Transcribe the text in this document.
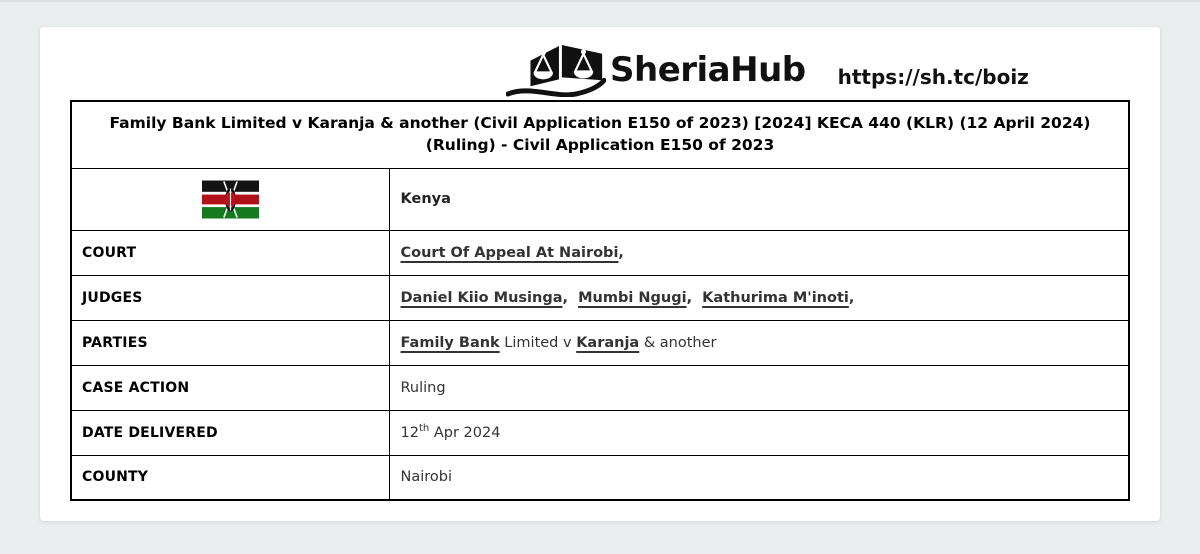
SheriaHub https://sh.tc/boiz
Family Bank Limited v Karanja & another (Civil Application E150 of 2023) [2024] KECA 440 (KLR) (12 April 2024)
(Ruling) - Civil Application E150 of 2023	

	Kenya
COURT	Court Of Appeal At Nairobi,
JUDGES	Daniel Kiio Musinga,  Mumbi Ngugi,  Kathurima M'inoti,
PARTIES	Family Bank Limited v Karanja & another
CASE ACTION	Ruling
DATE DELIVERED	12th Apr 2024
COUNTY	Nairobi
